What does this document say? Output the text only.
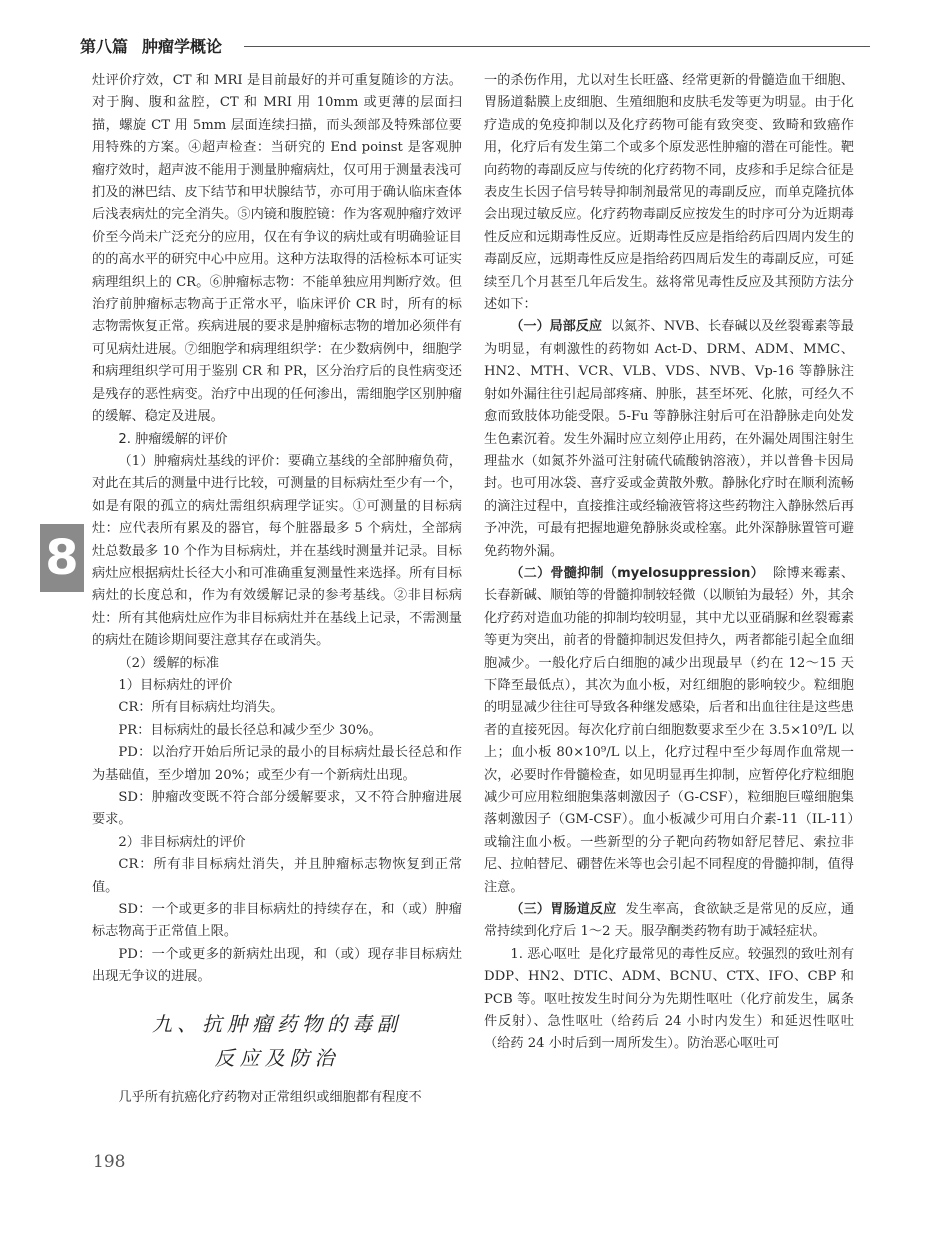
第八篇 肿瘤学概论
8

灶评价疗效，CT 和 MRI 是目前最好的并可重复随诊的方法。对于胸、腹和盆腔，CT 和 MRI 用 10mm 或更薄的层面扫描，螺旋 CT 用 5mm 层面连续扫描，而头颈部及特殊部位要用特殊的方案。④超声检查：当研究的 End poinst 是客观肿瘤疗效时，超声波不能用于测量肿瘤病灶，仅可用于测量表浅可扪及的淋巴结、皮下结节和甲状腺结节，亦可用于确认临床查体后浅表病灶的完全消失。⑤内镜和腹腔镜：作为客观肿瘤疗效评价至今尚未广泛充分的应用，仅在有争议的病灶或有明确验证目的的高水平的研究中心中应用。这种方法取得的活检标本可证实病理组织上的 CR。⑥肿瘤标志物：不能单独应用判断疗效。但治疗前肿瘤标志物高于正常水平，临床评价 CR 时，所有的标志物需恢复正常。疾病进展的要求是肿瘤标志物的增加必须伴有可见病灶进展。⑦细胞学和病理组织学：在少数病例中，细胞学和病理组织学可用于鉴别 CR 和 PR，区分治疗后的良性病变还是残存的恶性病变。治疗中出现的任何渗出，需细胞学区别肿瘤的缓解、稳定及进展。

2. 肿瘤缓解的评价

（1）肿瘤病灶基线的评价：要确立基线的全部肿瘤负荷，对此在其后的测量中进行比较，可测量的目标病灶至少有一个，如是有限的孤立的病灶需组织病理学证实。①可测量的目标病灶：应代表所有累及的器官，每个脏器最多 5 个病灶，全部病灶总数最多 10 个作为目标病灶，并在基线时测量并记录。目标病灶应根据病灶长径大小和可准确重复测量性来选择。所有目标病灶的长度总和，作为有效缓解记录的参考基线。②非目标病灶：所有其他病灶应作为非目标病灶并在基线上记录，不需测量的病灶在随诊期间要注意其存在或消失。

（2）缓解的标准

1）目标病灶的评价

CR：所有目标病灶均消失。

PR：目标病灶的最长径总和减少至少 30%。

PD：以治疗开始后所记录的最小的目标病灶最长径总和作为基础值，至少增加 20%；或至少有一个新病灶出现。

SD：肿瘤改变既不符合部分缓解要求，又不符合肿瘤进展要求。

2）非目标病灶的评价

CR：所有非目标病灶消失，并且肿瘤标志物恢复到正常值。

SD：一个或更多的非目标病灶的持续存在，和（或）肿瘤标志物高于正常值上限。

PD：一个或更多的新病灶出现，和（或）现存非目标病灶出现无争议的进展。

九、抗肿瘤药物的毒副

反应及防治

几乎所有抗癌化疗药物对正常组织或细胞都有程度不

一的杀伤作用，尤以对生长旺盛、经常更新的骨髓造血干细胞、胃肠道黏膜上皮细胞、生殖细胞和皮肤毛发等更为明显。由于化疗造成的免疫抑制以及化疗药物可能有致突变、致畸和致癌作用，化疗后有发生第二个或多个原发恶性肿瘤的潜在可能性。靶向药物的毒副反应与传统的化疗药物不同，皮疹和手足综合征是表皮生长因子信号转导抑制剂最常见的毒副反应，而单克隆抗体会出现过敏反应。化疗药物毒副反应按发生的时序可分为近期毒性反应和远期毒性反应。近期毒性反应是指给药后四周内发生的毒副反应，远期毒性反应是指给药四周后发生的毒副反应，可延续至几个月甚至几年后发生。兹将常见毒性反应及其预防方法分述如下：

（一）局部反应 以氮芥、NVB、长春碱以及丝裂霉素等最为明显，有刺激性的药物如 Act-D、DRM、ADM、MMC、HN2、MTH、VCR、VLB、VDS、NVB、Vp-16 等静脉注射如外漏往往引起局部疼痛、肿胀，甚至坏死、化脓，可经久不愈而致肢体功能受限。5-Fu 等静脉注射后可在沿静脉走向处发生色素沉着。发生外漏时应立刻停止用药，在外漏处周围注射生理盐水（如氮芥外溢可注射硫代硫酸钠溶液），并以普鲁卡因局封。也可用冰袋、喜疗妥或金黄散外敷。静脉化疗时在顺利流畅的滴注过程中，直接推注或经输液管将这些药物注入静脉然后再予冲洗，可最有把握地避免静脉炎或栓塞。此外深静脉置管可避免药物外漏。

（二）骨髓抑制（myelosuppression） 除博来霉素、长春新碱、顺铂等的骨髓抑制较轻微（以顺铂为最轻）外，其余化疗药对造血功能的抑制均较明显，其中尤以亚硝脲和丝裂霉素等更为突出，前者的骨髓抑制迟发但持久，两者都能引起全血细胞减少。一般化疗后白细胞的减少出现最早（约在 12～15 天下降至最低点），其次为血小板，对红细胞的影响较少。粒细胞的明显减少往往可导致各种继发感染，后者和出血往往是这些患者的直接死因。每次化疗前白细胞数要求至少在 3.5×10⁹/L 以上；血小板 80×10⁹/L 以上，化疗过程中至少每周作血常规一次，必要时作骨髓检查，如见明显再生抑制，应暂停化疗粒细胞减少可应用粒细胞集落刺激因子（G-CSF），粒细胞巨噬细胞集落刺激因子（GM-CSF）。血小板减少可用白介素-11（IL-11）或输注血小板。一些新型的分子靶向药物如舒尼替尼、索拉非尼、拉帕替尼、硼替佐米等也会引起不同程度的骨髓抑制，值得注意。

（三）胃肠道反应 发生率高，食欲缺乏是常见的反应，通常持续到化疗后 1～2 天。服孕酮类药物有助于减轻症状。

1. 恶心呕吐 是化疗最常见的毒性反应。较强烈的致吐剂有 DDP、HN2、DTIC、ADM、BCNU、CTX、IFO、CBP 和 PCB 等。呕吐按发生时间分为先期性呕吐（化疗前发生，属条件反射）、急性呕吐（给药后 24 小时内发生）和延迟性呕吐（给药 24 小时后到一周所发生）。防治恶心呕吐可

198
